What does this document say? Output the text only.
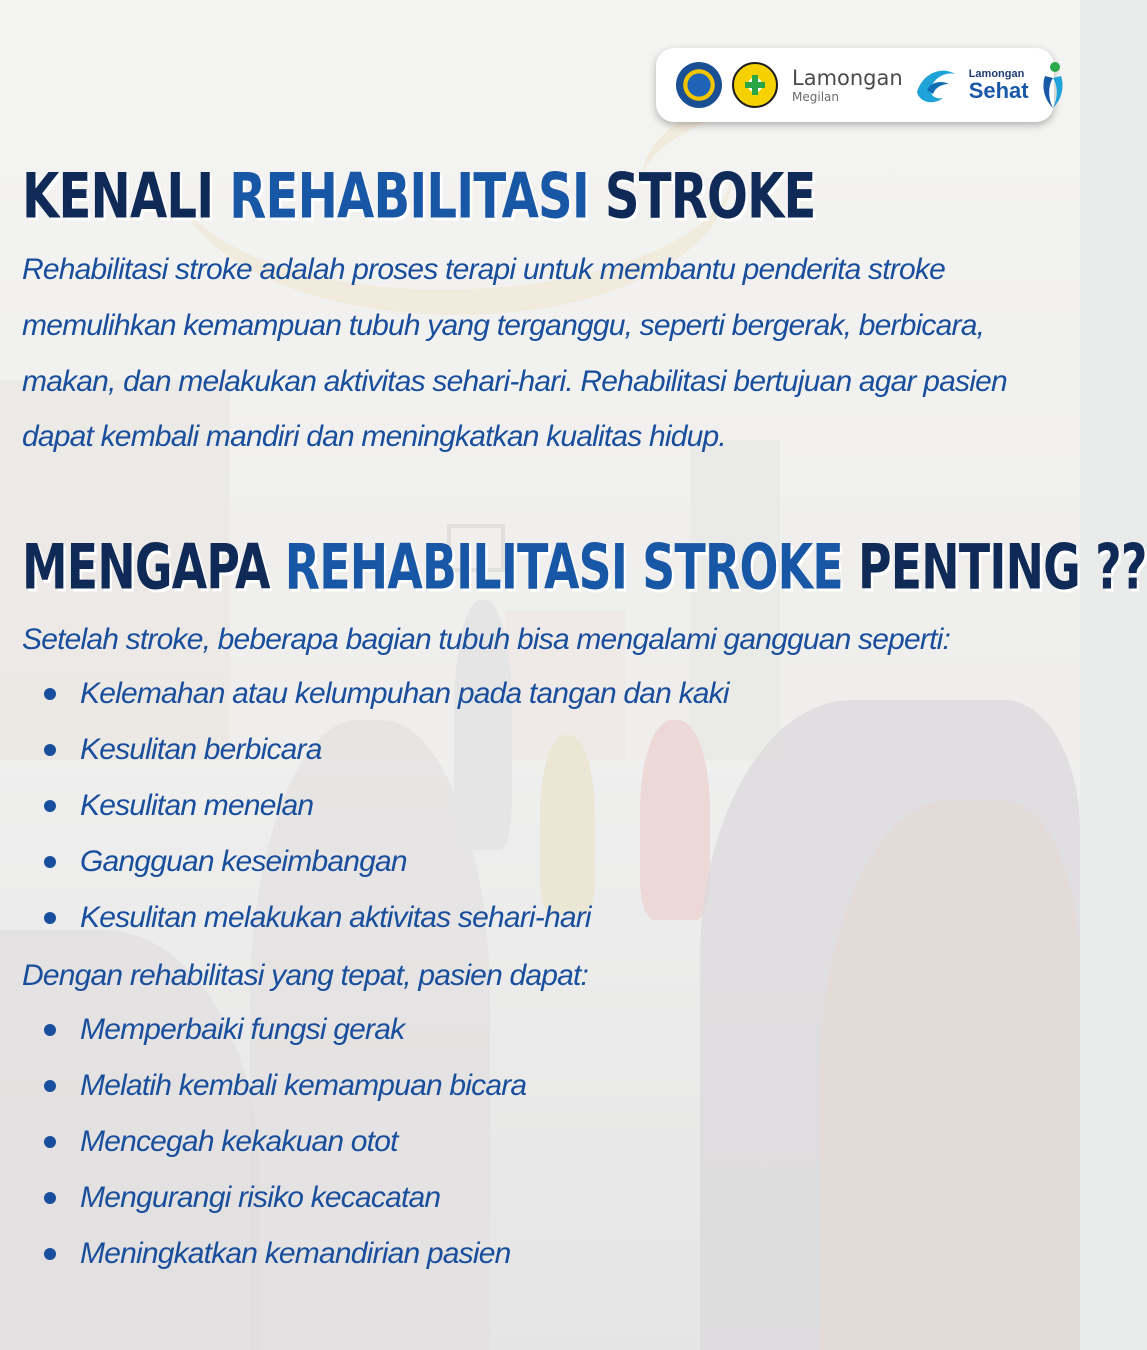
Lamongan
Megilan
Lamongan
Sehat
KENALI REHABILITASI STROKE

Rehabilitasi stroke adalah proses terapi untuk membantu penderita stroke memulihkan kemampuan tubuh yang terganggu, seperti bergerak, berbicara, makan, dan melakukan aktivitas sehari-hari. Rehabilitasi bertujuan agar pasien dapat kembali mandiri dan meningkatkan kualitas hidup.

MENGAPA REHABILITASI STROKE PENTING ??

Setelah stroke, beberapa bagian tubuh bisa mengalami gangguan seperti:

Kelemahan atau kelumpuhan pada tangan dan kaki
Kesulitan berbicara
Kesulitan menelan
Gangguan keseimbangan
Kesulitan melakukan aktivitas sehari-hari

Dengan rehabilitasi yang tepat, pasien dapat:

Memperbaiki fungsi gerak
Melatih kembali kemampuan bicara
Mencegah kekakuan otot
Mengurangi risiko kecacatan
Meningkatkan kemandirian pasien
